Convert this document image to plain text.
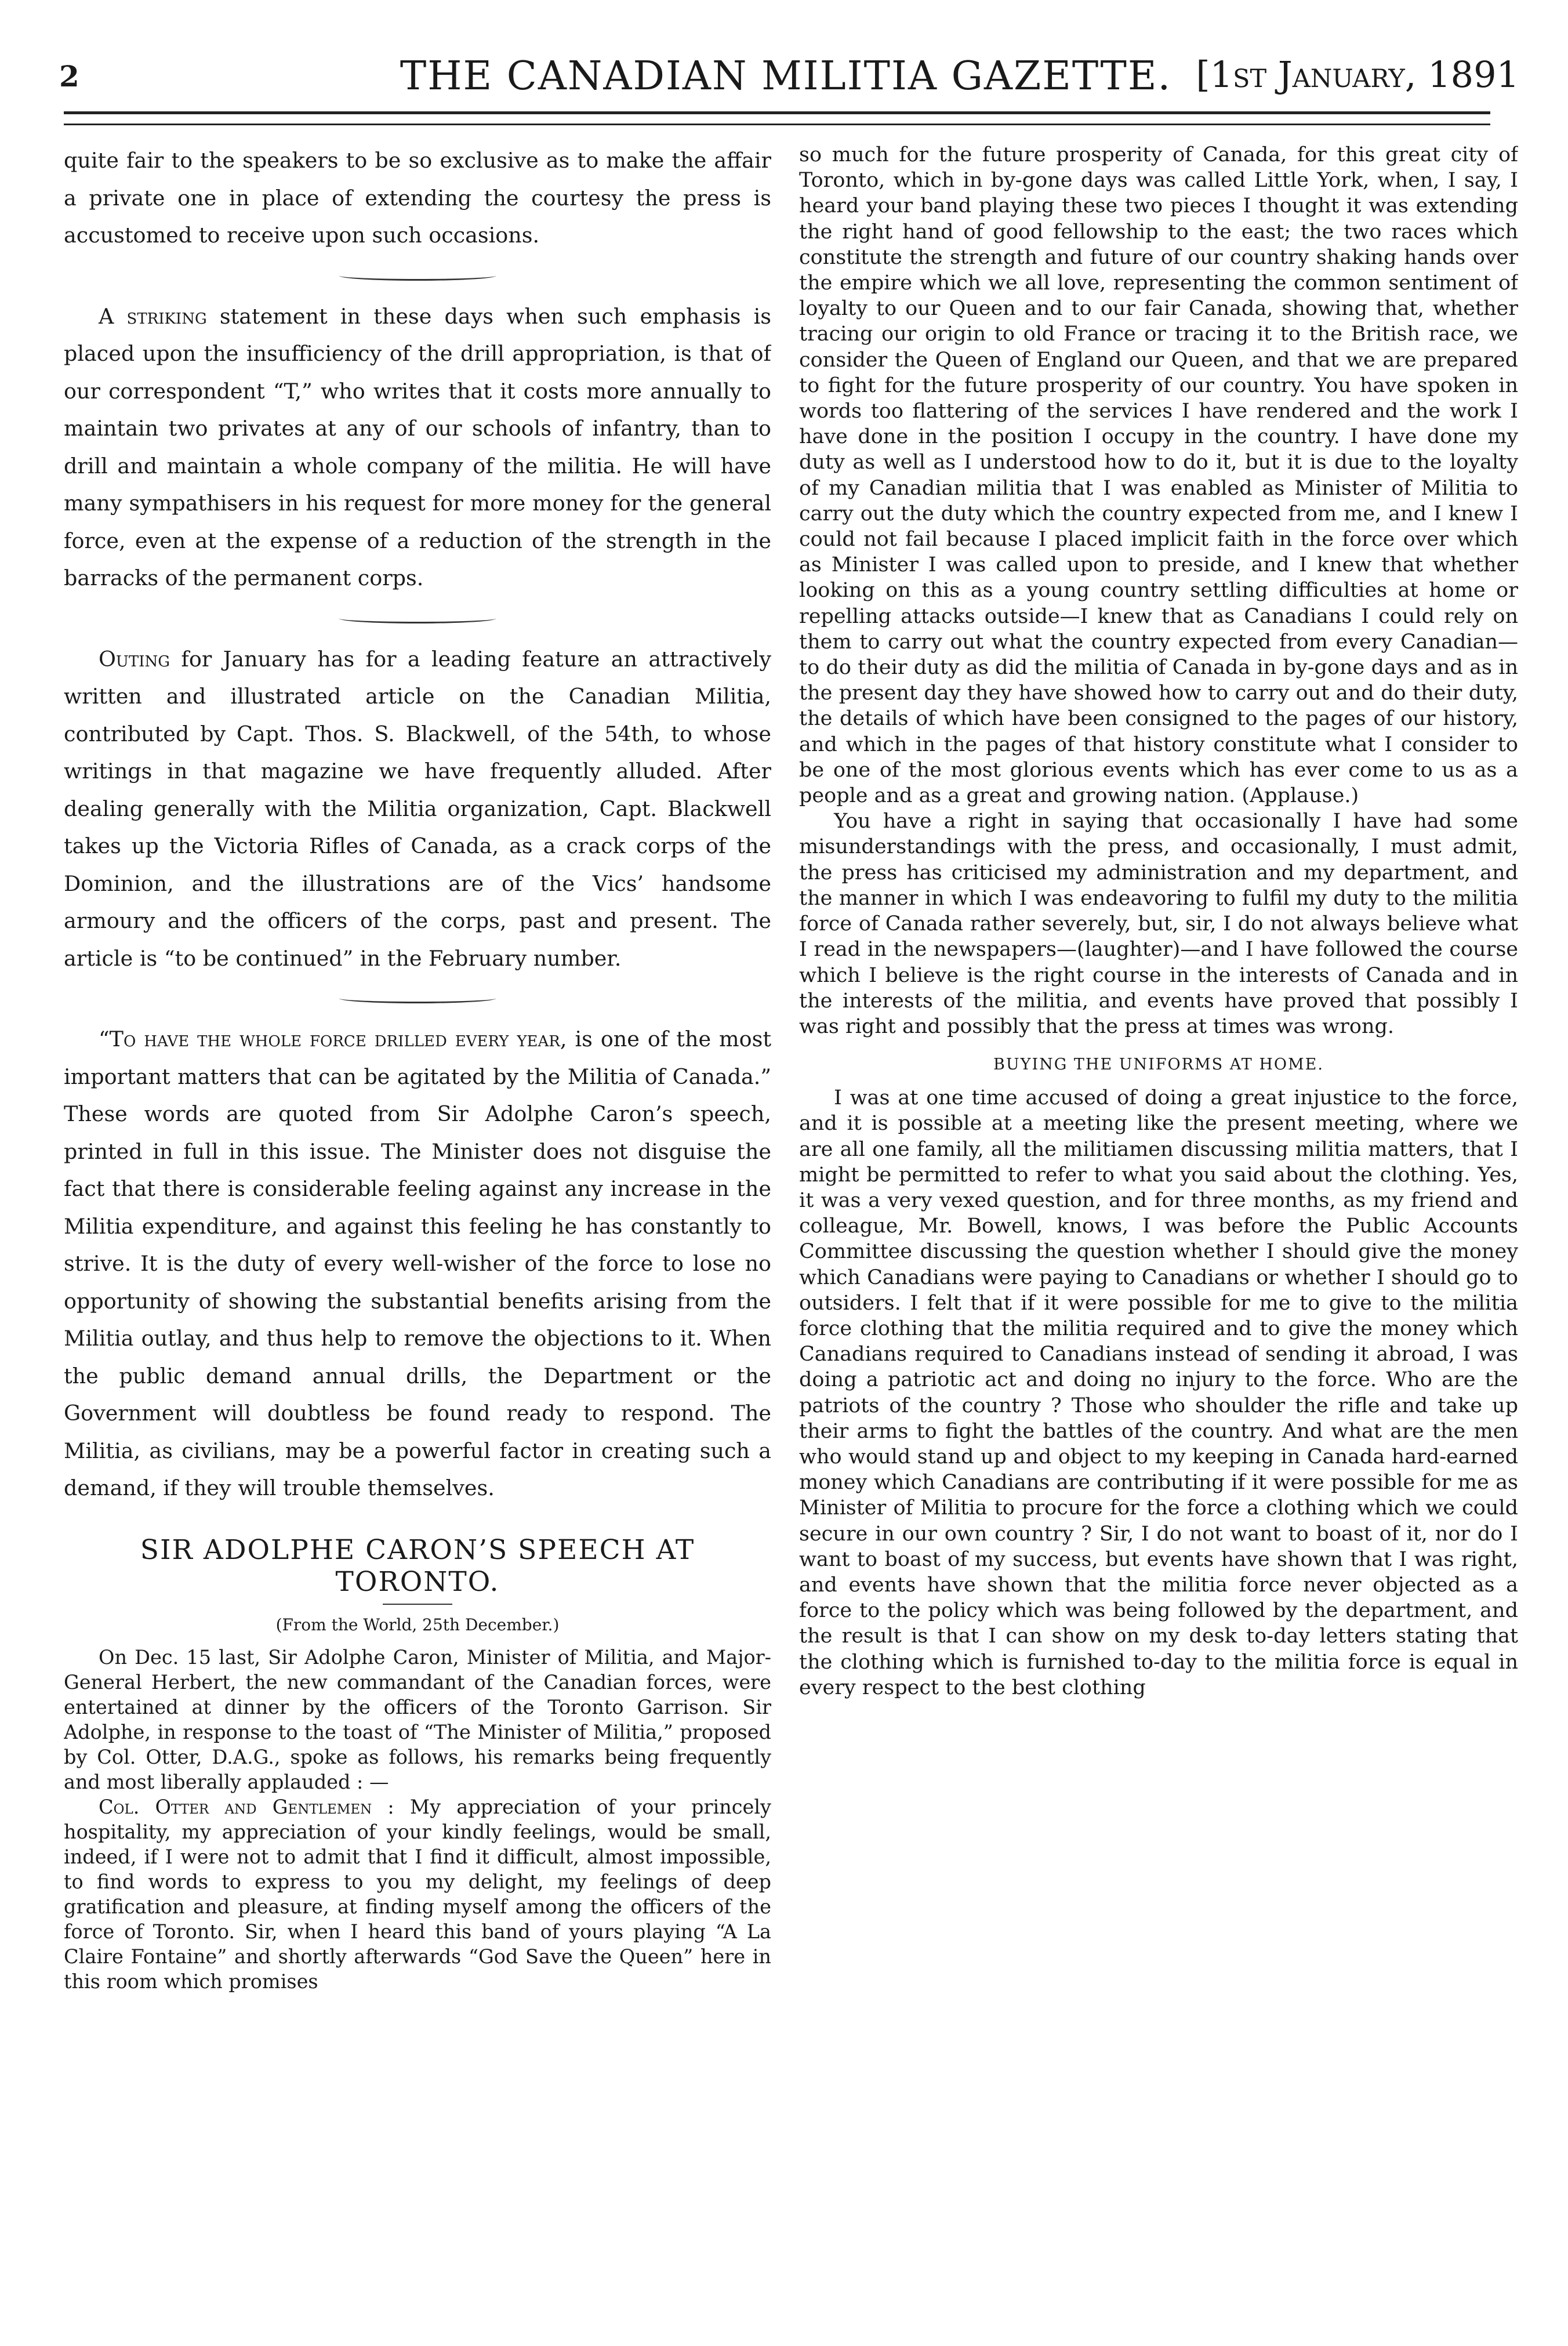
2	THE CANADIAN MILITIA GAZETTE. [1st January, 1891

quite fair to the speakers to be so exclusive as to make the affair a private one in place of extending the courtesy the press is accustomed to receive upon such occasions.

A striking statement in these days when such emphasis is placed upon the insufficiency of the drill appropriation, is that of our correspondent “T,” who writes that it costs more annually to maintain two privates at any of our schools of infantry, than to drill and maintain a whole company of the militia. He will have many sympathisers in his request for more money for the general force, even at the expense of a reduction of the strength in the barracks of the permanent corps.

Outing for January has for a leading feature an attractively written and illustrated article on the Canadian Militia, contributed by Capt. Thos. S. Blackwell, of the 54th, to whose writings in that magazine we have frequently alluded. After dealing generally with the Militia organization, Capt. Blackwell takes up the Victoria Rifles of Canada, as a crack corps of the Dominion, and the illustrations are of the Vics’ handsome armoury and the officers of the corps, past and present. The article is “to be continued” in the February number.

“To have the whole force drilled every year, is one of the most important matters that can be agitated by the Militia of Canada.” These words are quoted from Sir Adolphe Caron’s speech, printed in full in this issue. The Minister does not disguise the fact that there is considerable feeling against any increase in the Militia expenditure, and against this feeling he has constantly to strive. It is the duty of every well-wisher of the force to lose no opportunity of showing the substantial benefits arising from the Militia outlay, and thus help to remove the objections to it. When the public demand annual drills, the Department or the Government will doubtless be found ready to respond. The Militia, as civilians, may be a powerful factor in creating such a demand, if they will trouble themselves.

SIR ADOLPHE CARON’S SPEECH AT TORONTO.
(From the World, 25th December.)

On Dec. 15 last, Sir Adolphe Caron, Minister of Militia, and Major-General Herbert, the new commandant of the Canadian forces, were entertained at dinner by the officers of the Toronto Garrison. Sir Adolphe, in response to the toast of “The Minister of Militia,” proposed by Col. Otter, D.A.G., spoke as follows, his remarks being frequently and most liberally applauded : —

Col. Otter and Gentlemen : My appreciation of your princely hospitality, my appreciation of your kindly feelings, would be small, indeed, if I were not to admit that I find it difficult, almost impossible, to find words to express to you my delight, my feelings of deep gratification and pleasure, at finding myself among the officers of the force of Toronto. Sir, when I heard this band of yours playing “A La Claire Fontaine” and shortly afterwards “God Save the Queen” here in this room which promises

so much for the future prosperity of Canada, for this great city of Toronto, which in by-gone days was called Little York, when, I say, I heard your band playing these two pieces I thought it was extending the right hand of good fellowship to the east; the two races which constitute the strength and future of our country shaking hands over the empire which we all love, representing the common sentiment of loyalty to our Queen and to our fair Canada, showing that, whether tracing our origin to old France or tracing it to the British race, we consider the Queen of England our Queen, and that we are prepared to fight for the future prosperity of our country. You have spoken in words too flattering of the services I have rendered and the work I have done in the position I occupy in the country. I have done my duty as well as I understood how to do it, but it is due to the loyalty of my Canadian militia that I was enabled as Minister of Militia to carry out the duty which the country expected from me, and I knew I could not fail because I placed implicit faith in the force over which as Minister I was called upon to preside, and I knew that whether looking on this as a young country settling difficulties at home or repelling attacks outside—I knew that as Canadians I could rely on them to carry out what the country expected from every Canadian—to do their duty as did the militia of Canada in by-gone days and as in the present day they have showed how to carry out and do their duty, the details of which have been consigned to the pages of our history, and which in the pages of that history constitute what I consider to be one of the most glorious events which has ever come to us as a people and as a great and growing nation. (Applause.)

You have a right in saying that occasionally I have had some misunderstandings with the press, and occasionally, I must admit, the press has criticised my administration and my department, and the manner in which I was endeavoring to fulfil my duty to the militia force of Canada rather severely, but, sir, I do not always believe what I read in the newspapers—(laughter)—and I have followed the course which I believe is the right course in the interests of Canada and in the interests of the militia, and events have proved that possibly I was right and possibly that the press at times was wrong.

BUYING THE UNIFORMS AT HOME.

I was at one time accused of doing a great injustice to the force, and it is possible at a meeting like the present meeting, where we are all one family, all the militiamen discussing militia matters, that I might be permitted to refer to what you said about the clothing. Yes, it was a very vexed question, and for three months, as my friend and colleague, Mr. Bowell, knows, I was before the Public Accounts Committee discussing the question whether I should give the money which Canadians were paying to Canadians or whether I should go to outsiders. I felt that if it were possible for me to give to the militia force clothing that the militia required and to give the money which Canadians required to Canadians instead of sending it abroad, I was doing a patriotic act and doing no injury to the force. Who are the patriots of the country ? Those who shoulder the rifle and take up their arms to fight the battles of the country. And what are the men who would stand up and object to my keeping in Canada hard-earned money which Canadians are contributing if it were possible for me as Minister of Militia to procure for the force a clothing which we could secure in our own country ? Sir, I do not want to boast of it, nor do I want to boast of my success, but events have shown that I was right, and events have shown that the militia force never objected as a force to the policy which was being followed by the department, and the result is that I can show on my desk to-day letters stating that the clothing which is furnished to-day to the militia force is equal in every respect to the best clothing
